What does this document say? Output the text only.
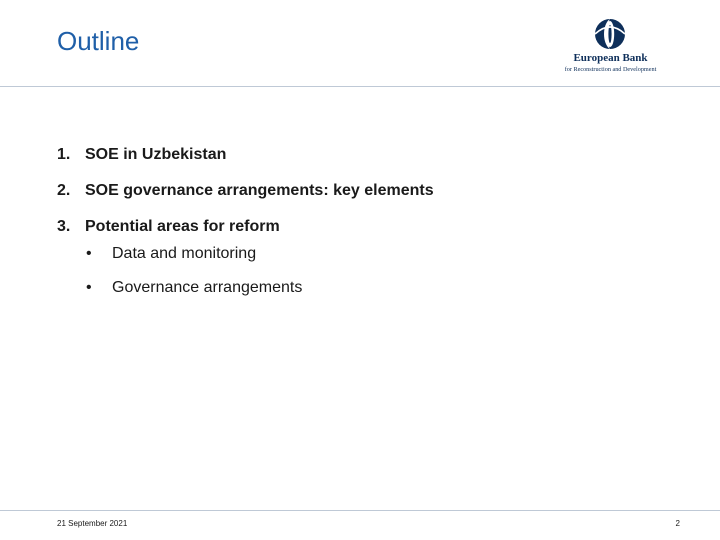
Outline
European Bank
for Reconstruction and Development
1. SOE in Uzbekistan
2. SOE governance arrangements: key elements
3. Potential areas for reform
•	Data and monitoring
•	Governance arrangements
21 September 2021	2
